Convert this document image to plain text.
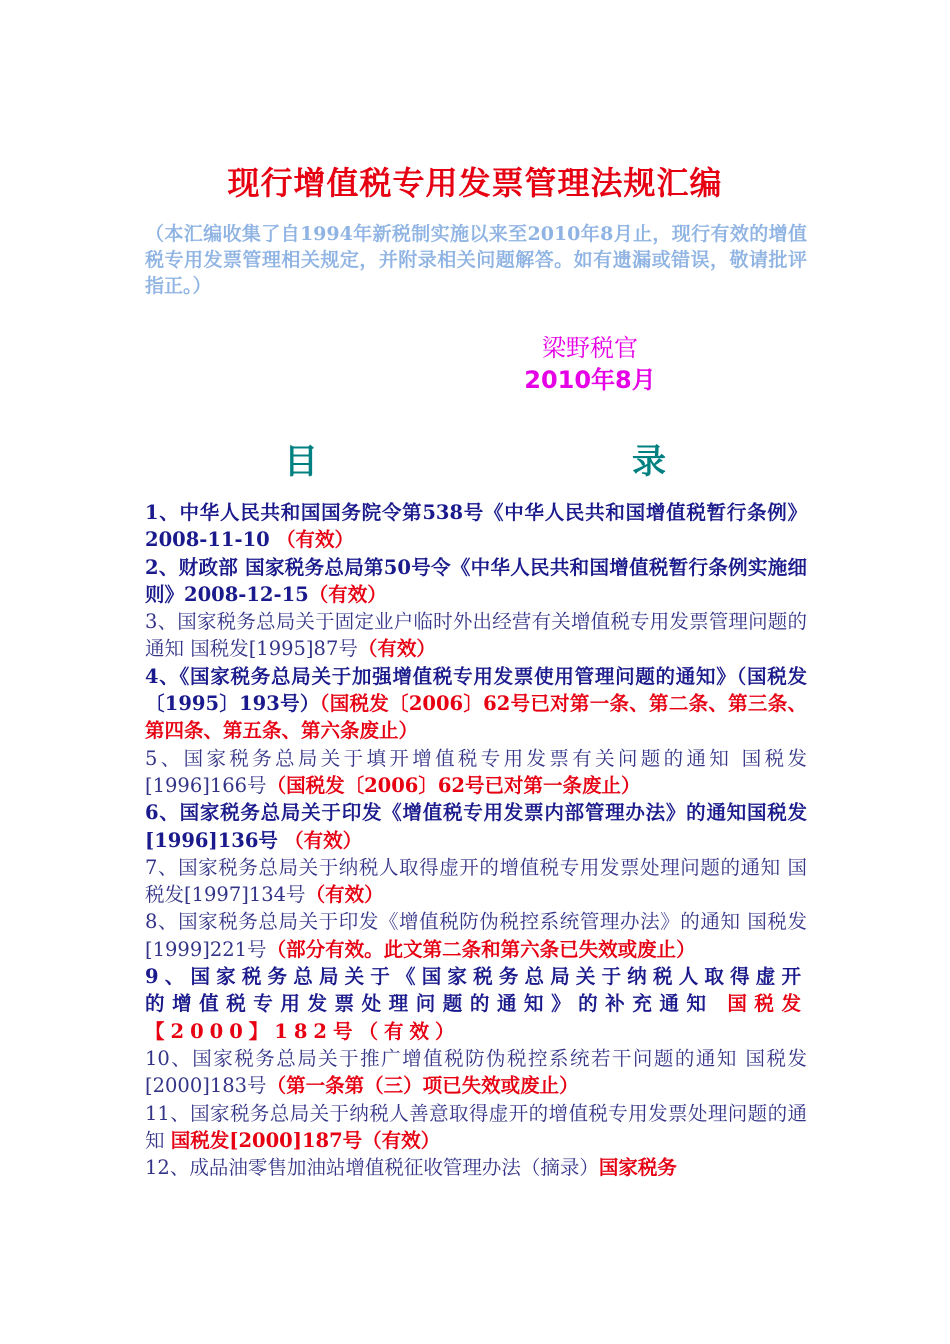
现行增值税专用发票管理法规汇编
（本汇编收集了自1994年新税制实施以来至2010年8月止，现行有效的增值税专用发票管理相关规定，并附录相关问题解答。如有遗漏或错误，敬请批评指正。）
梁野税官
2010年8月
目	录

1、中华人民共和国国务院令第538号《中华人民共和国增值税暂行条例》2008-11-10 （有效）

2、财政部 国家税务总局第50号令《中华人民共和国增值税暂行条例实施细则》2008-12-15（有效）

3、国家税务总局关于固定业户临时外出经营有关增值税专用发票管理问题的通知 国税发[1995]87号（有效）

4、《国家税务总局关于加强增值税专用发票使用管理问题的通知》（国税发〔1995〕193号）（国税发〔2006〕62号已对第一条、第二条、第三条、第四条、第五条、第六条废止）

5、国家税务总局关于填开增值税专用发票有关问题的通知 国税发[1996]166号（国税发〔2006〕62号已对第一条废止）

6、国家税务总局关于印发《增值税专用发票内部管理办法》的通知国税发[1996]136号 （有效）

7、国家税务总局关于纳税人取得虚开的增值税专用发票处理问题的通知 国税发[1997]134号（有效）

8、国家税务总局关于印发《增值税防伪税控系统管理办法》的通知 国税发[1999]221号（部分有效。此文第二条和第六条已失效或废止）

9、国家税务总局关于《国家税务总局关于纳税人取得虚开的增值税专用发票处理问题的通知》的补充通知 国税发【2000】182号（有效）

10、国家税务总局关于推广增值税防伪税控系统若干问题的通知 国税发[2000]183号（第一条第（三）项已失效或废止）

11、国家税务总局关于纳税人善意取得虚开的增值税专用发票处理问题的通知 国税发[2000]187号（有效）

12、成品油零售加油站增值税征收管理办法（摘录）国家税务
